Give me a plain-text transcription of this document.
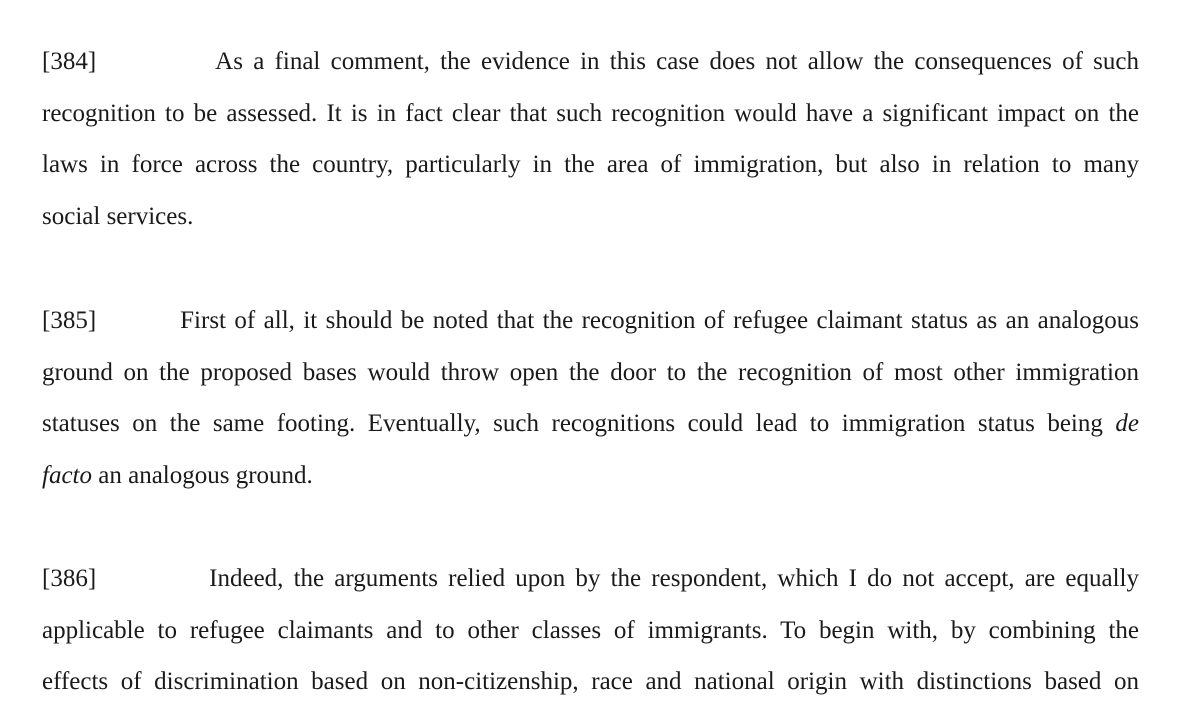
[384]	As a final comment, the evidence in this case does not allow the consequences of such
recognition to be assessed. It is in fact clear that such recognition would have a significant impact on the
laws in force across the country, particularly in the area of immigration, but also in relation to many
social services.
[385]	First of all, it should be noted that the recognition of refugee claimant status as an analogous
ground on the proposed bases would throw open the door to the recognition of most other immigration
statuses on the same footing. Eventually, such recognitions could lead to immigration status being de
facto an analogous ground.
[386]	Indeed, the arguments relied upon by the respondent, which I do not accept, are equally
applicable to refugee claimants and to other classes of immigrants. To begin with, by combining the
effects of discrimination based on non-citizenship, race and national origin with distinctions based on
